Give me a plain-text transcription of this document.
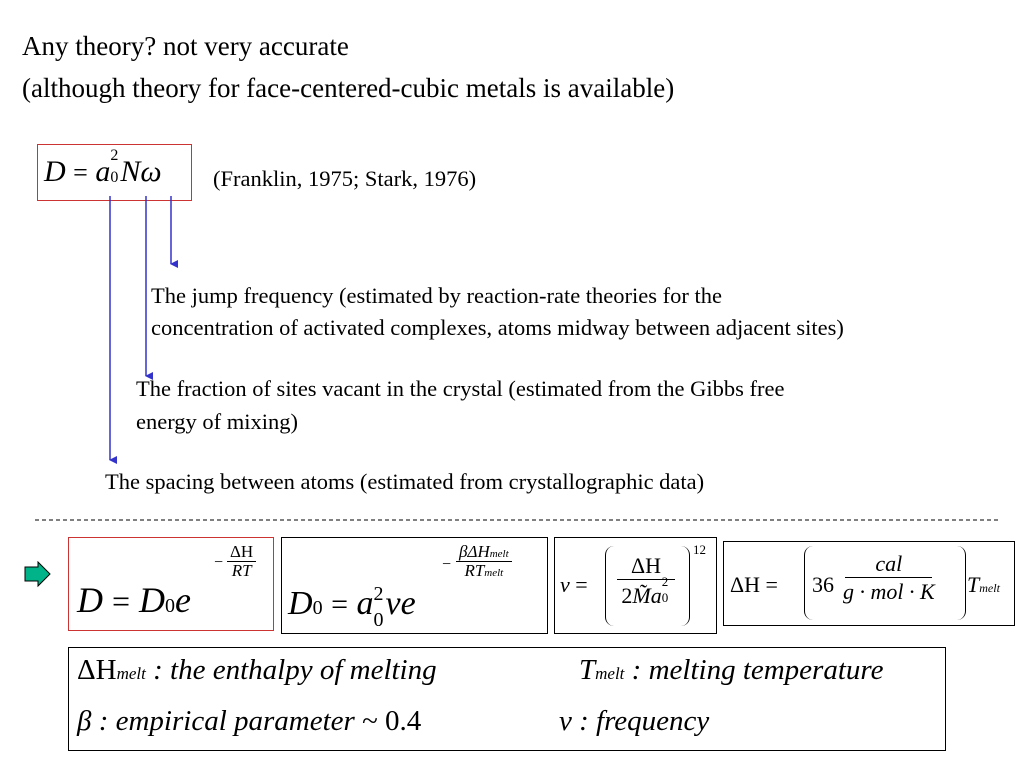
Any theory? not very accurate
(although theory for face-centered-cubic metals is available)
D = a 2
0 Nω (Franklin, 1975; Stark, 1976)
The jump frequency (estimated by reaction-rate theories for the
concentration of activated complexes, atoms midway between adjacent sites)
The fraction of sites vacant in the crystal (estimated from the Gibbs free
energy of mixing)
The spacing between atoms (estimated from crystallographic data)
D = D0e
− $\frac{\Delta H}{RT}$
D0 = a 2
0 ve
−
βΔHmelt
RTmelt	v = ΔH
2M̃a
2
0
12
ΔH = 36
cal
g · mol · K Tmelt
ΔHmelt : the enthalpy of melting	Tmelt : melting temperature
β : empirical parameter ~ 0.4	v : frequency
